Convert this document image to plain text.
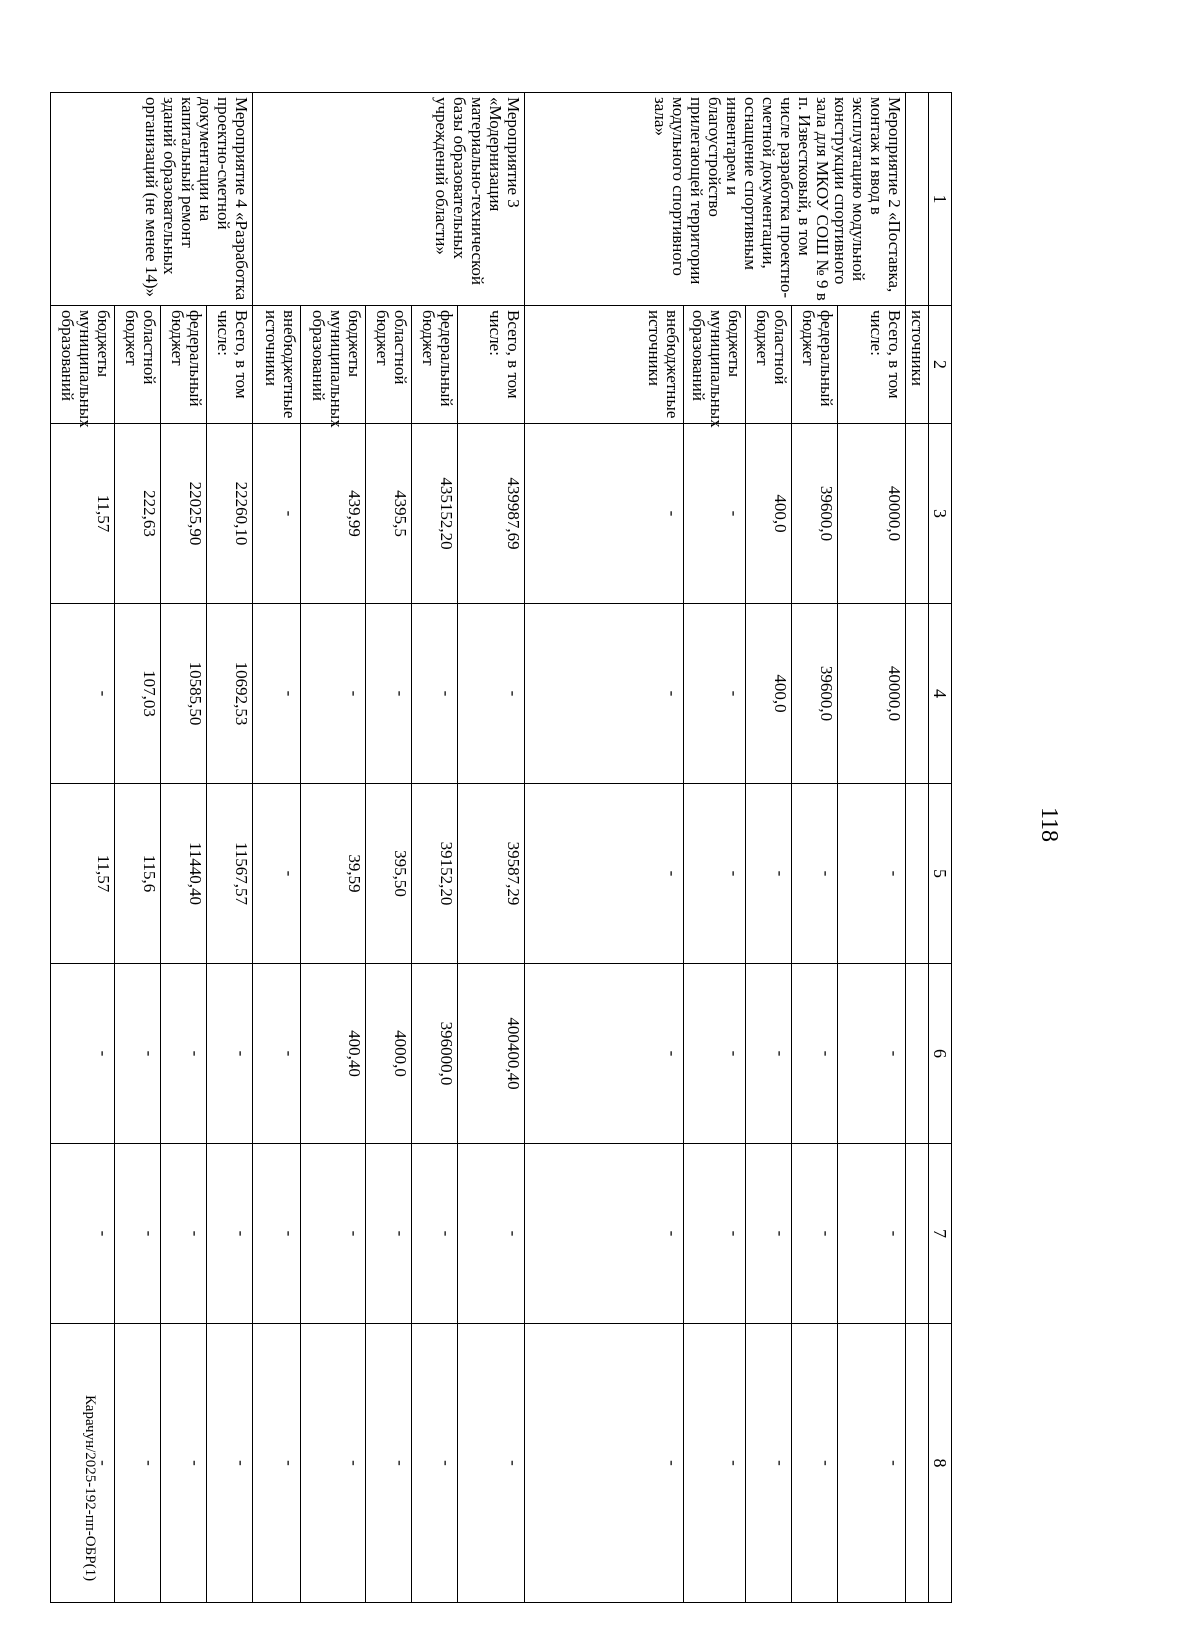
118
Карачун/2025-192-пп-ОБР(1)
1	2	3	4	5	6	7	8
	источники						
Мероприятие 2 «Поставка, монтаж и ввод в эксплуатацию модульной конструкции спортивного зала для МКОУ СОШ № 9 в п. Известковый, в том числе разработка проектно-сметной документации, оснащение спортивным инвентарем и благоустройство прилегающей территории модульного спортивного зала»	Всего, в том числе:	40000,0	40000,0	-	-	-	-
	федеральный бюджет	39600,0	39600,0	-	-	-	-
	областной бюджет	400,0	400,0	-	-	-	-
	бюджеты муниципальных образований	-	-	-	-	-	-
	внебюджетные источники	-	-	-	-	-	-
Мероприятие 3 «Модернизация материально-технической базы образовательных учреждений области»	Всего, в том числе:	439987,69	-	39587,29	400400,40	-	-
	федеральный бюджет	435152,20	-	39152,20	396000,0	-	-
	областной бюджет	4395,5	-	395,50	4000,0	-	-
	бюджеты муниципальных образований	439,99	-	39,59	400,40	-	-
	внебюджетные источники	-	-	-	-	-	-
Мероприятие 4 «Разработка проектно-сметной документации на капитальный ремонт зданий образовательных организаций (не менее 14)»	Всего, в том числе:	22260,10	10692,53	11567,57	-	-	-
	федеральный бюджет	22025,90	10585,50	11440,40	-	-	-
	областной бюджет	222,63	107,03	115,6	-	-	-
	бюджеты муниципальных образований	11,57	-	11,57	-	-	-
